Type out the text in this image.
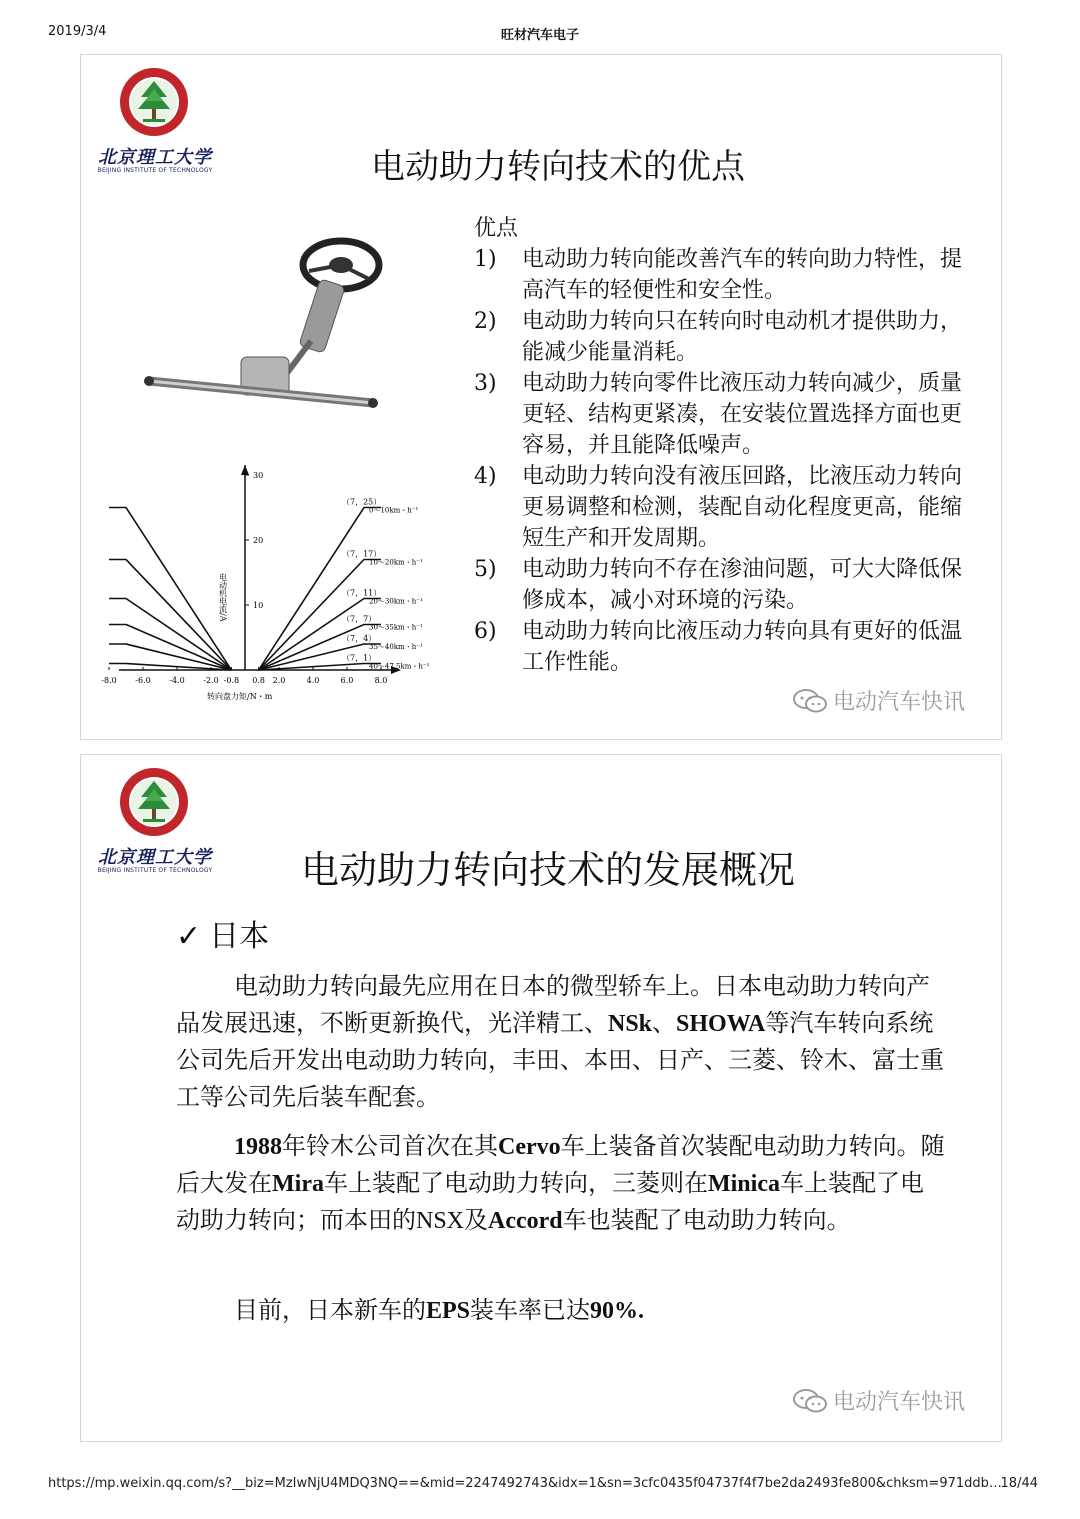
2019/3/4	旺材汽车电子
北京理工大学
BEIJING INSTITUTE OF TECHNOLOGY	电动助力转向技术的优点
电动机电流/A
转向盘力矩/N・m
10
20
30
-8.0 -6.0 -4.0 -2.0 -0.8 0.8 2.0	4.0	6.0	8.0
（7，25）
0～10km・h⁻¹
（7，17）
10～20km・h⁻¹
（7，11）
20～30km・h⁻¹
（7，7）
30～35km・h⁻¹
（7，4）
35～40km・h⁻¹
（7，1）
40～47.5km・h⁻¹
优点
1) 电动助力转向能改善汽车的转向助力特性，提高汽车的轻便性和安全性。
2) 电动助力转向只在转向时电动机才提供助力，能减少能量消耗。
3) 电动助力转向零件比液压动力转向减少，质量更轻、结构更紧凑，在安装位置选择方面也更容易，并且能降低噪声。
4) 电动助力转向没有液压回路，比液压动力转向更易调整和检测，装配自动化程度更高，能缩短生产和开发周期。
5) 电动助力转向不存在渗油问题，可大大降低保修成本，减小对环境的污染。
6) 电动助力转向比液压动力转向具有更好的低温工作性能。
电动汽车快讯
北京理工大学
BEIJING INSTITUTE OF TECHNOLOGY 电动助力转向技术的发展概况
✓ 日本

电动助力转向最先应用在日本的微型轿车上。日本电动助力转向产品发展迅速，不断更新换代，光洋精工、NSk、SHOWA等汽车转向系统公司先后开发出电动助力转向，丰田、本田、日产、三菱、铃木、富士重工等公司先后装车配套。

1988年铃木公司首次在其Cervo车上装备首次装配电动助力转向。随后大发在Mira车上装配了电动助力转向，三菱则在Minica车上装配了电动助力转向；而本田的NSX及Accord车也装配了电动助力转向。

目前，日本新车的EPS装车率已达90%.

电动汽车快讯
https://mp.weixin.qq.com/s?__biz=MzIwNjU4MDQ3NQ==&mid=2247492743&idx=1&sn=3cfc0435f04737f4f7be2da2493fe800&chksm=971ddb…
18/44
